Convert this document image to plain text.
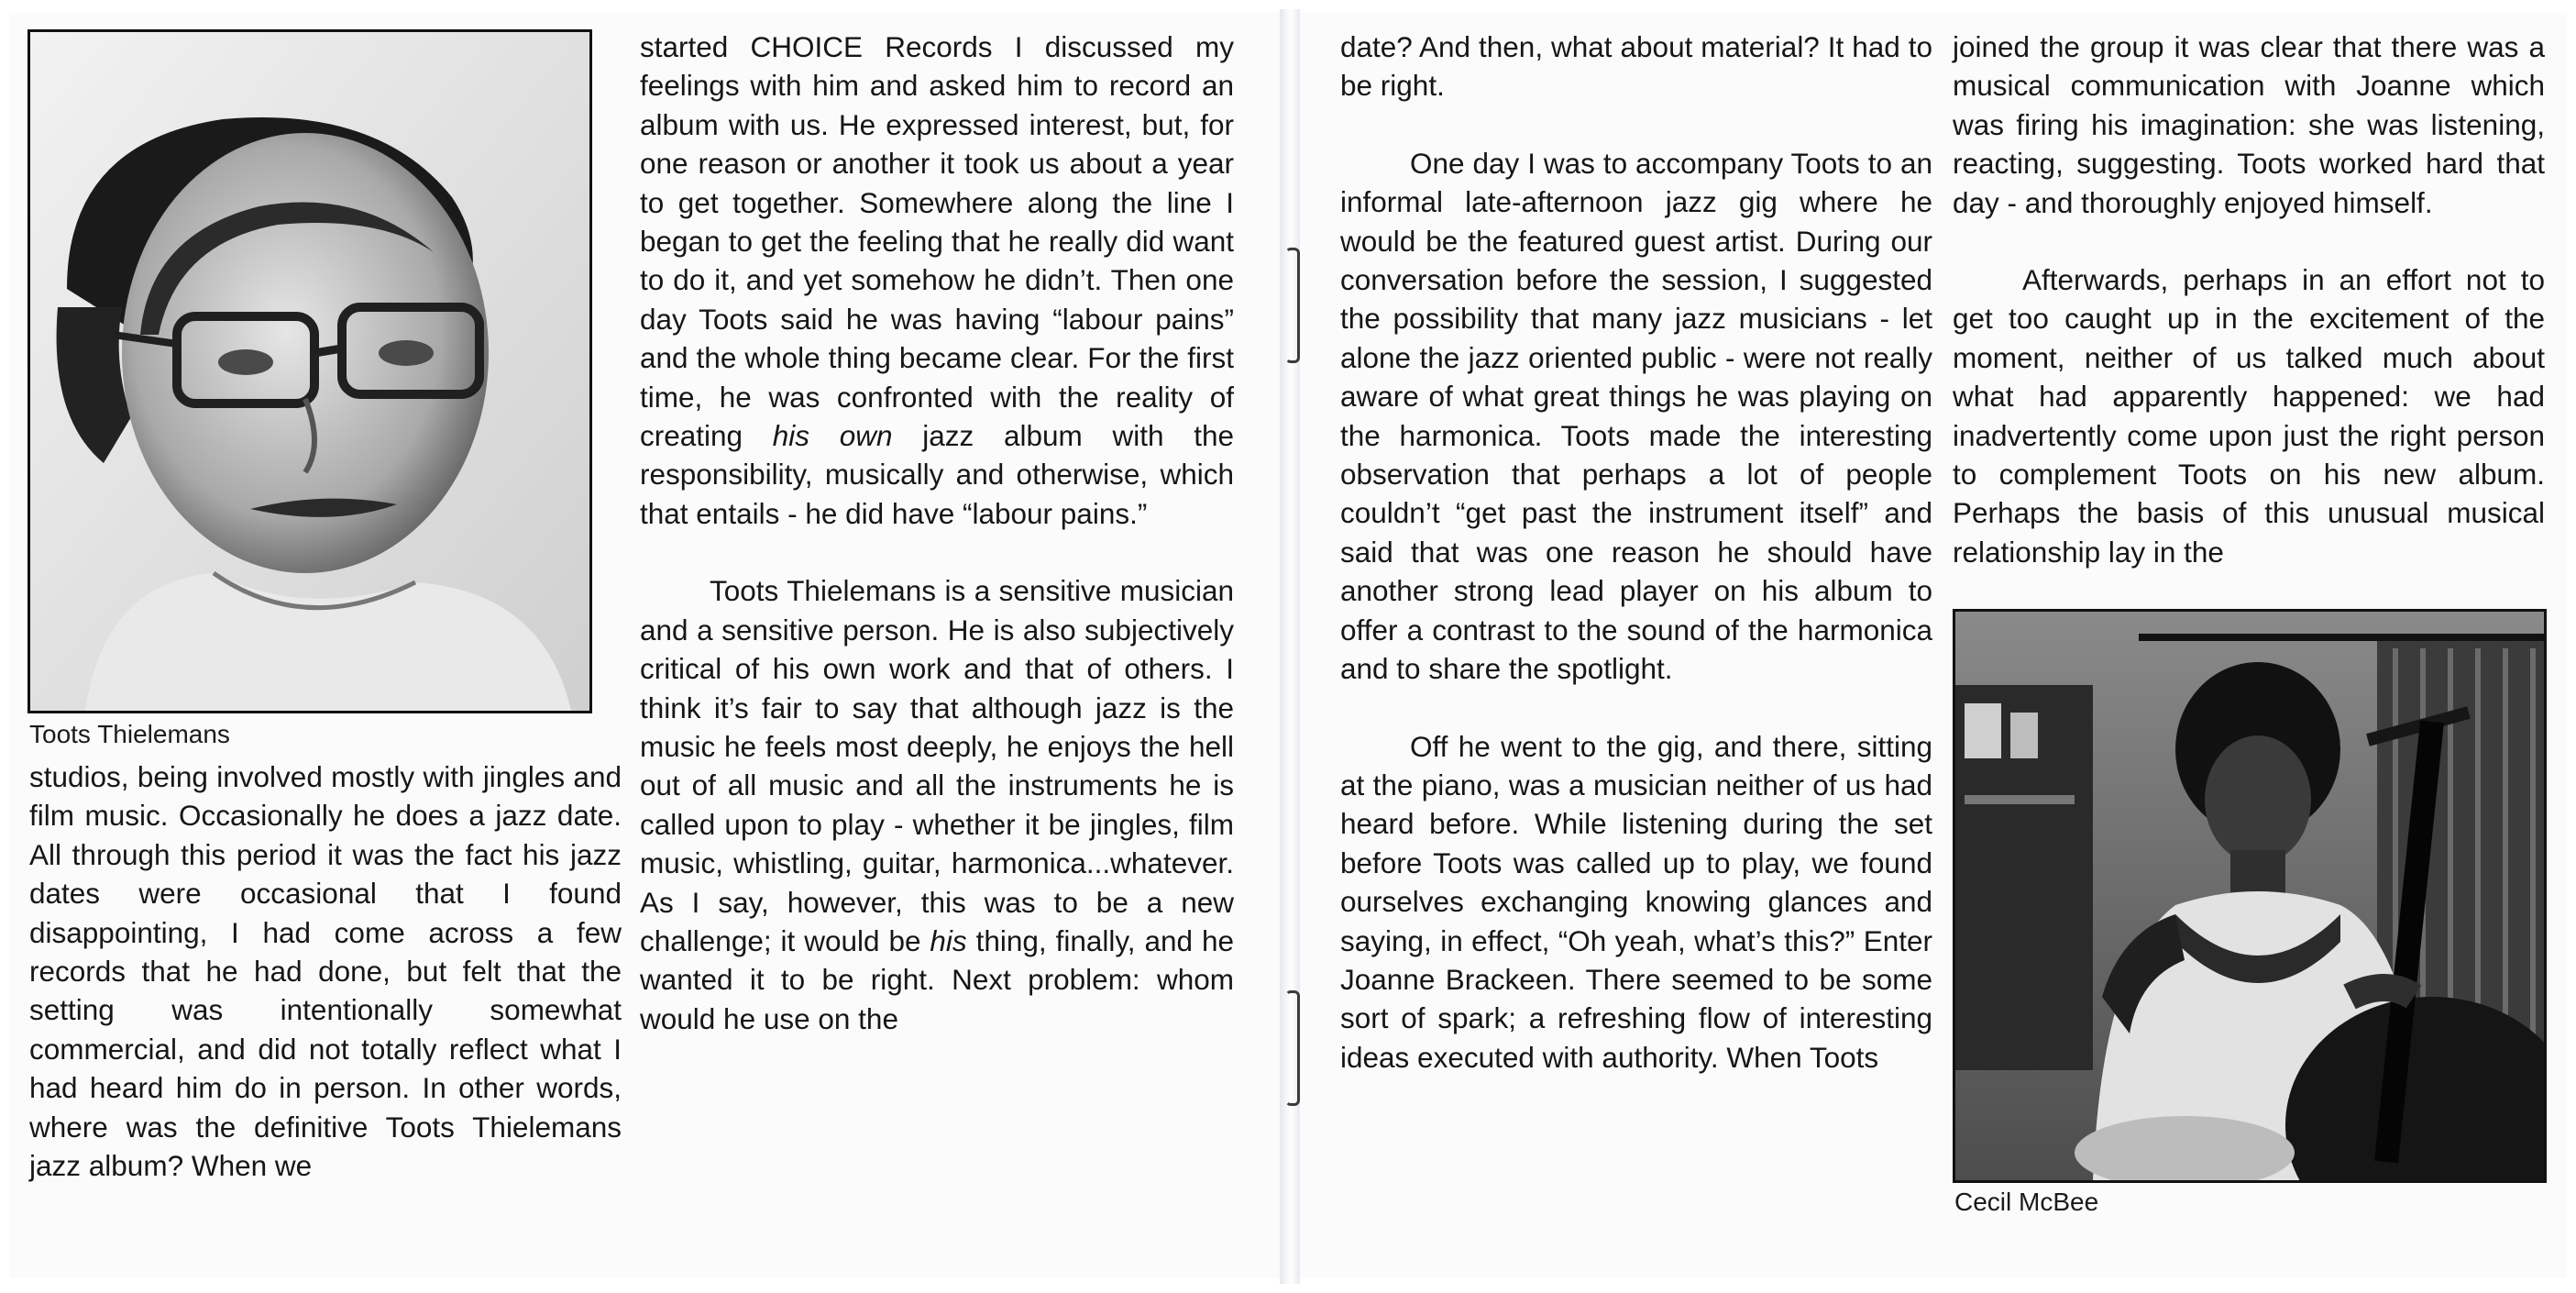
Toots Thielemans

studios, being involved mostly with jingles and film music. Occasionally he does a jazz date. All through this period it was the fact his jazz dates were occasional that I found disappointing, I had come across a few records that he had done, but felt that the setting was intentionally somewhat commercial, and did not totally reflect what I had heard him do in person. In other words, where was the definitive Toots Thielemans jazz album? When we

started CHOICE Records I discussed my feelings with him and asked him to record an album with us. He expressed interest, but, for one reason or another it took us about a year to get together. Somewhere along the line I began to get the feeling that he really did want to do it, and yet somehow he didn’t. Then one day Toots said he was having “labour pains” and the whole thing became clear. For the first time, he was confronted with the reality of creating his own jazz album with the responsibility, musically and otherwise, which that entails - he did have “labour pains.”

Toots Thielemans is a sensitive musician and a sensitive person. He is also subjectively critical of his own work and that of others. I think it’s fair to say that although jazz is the music he feels most deeply, he enjoys the hell out of all music and all the instruments he is called upon to play - whether it be jingles, film music, whistling, guitar, harmonica...whatever. As I say, however, this was to be a new challenge; it would be his thing, finally, and he wanted it to be right. Next problem: whom would he use on the

date? And then, what about material? It had to be right.

One day I was to accompany Toots to an informal late-afternoon jazz gig where he would be the featured guest artist. During our conversation before the session, I suggested the possibility that many jazz musicians - let alone the jazz oriented public - were not really aware of what great things he was playing on the harmonica. Toots made the interesting observation that perhaps a lot of people couldn’t “get past the instrument itself” and said that was one reason he should have another strong lead player on his album to offer a contrast to the sound of the harmonica and to share the spotlight.

Off he went to the gig, and there, sitting at the piano, was a musician neither of us had heard before. While listening during the set before Toots was called up to play, we found ourselves exchanging knowing glances and saying, in effect, “Oh yeah, what’s this?” Enter Joanne Brackeen. There seemed to be some sort of spark; a refreshing flow of interesting ideas executed with authority. When Toots

joined the group it was clear that there was a musical communication with Joanne which was firing his imagination: she was listening, reacting, suggesting. Toots worked hard that day - and thoroughly enjoyed himself.

Afterwards, perhaps in an effort not to get too caught up in the excitement of the moment, neither of us talked much about what had apparently happened: we had inadvertently come upon just the right person to complement Toots on his new album. Perhaps the basis of this unusual musical relationship lay in the

Cecil McBee
